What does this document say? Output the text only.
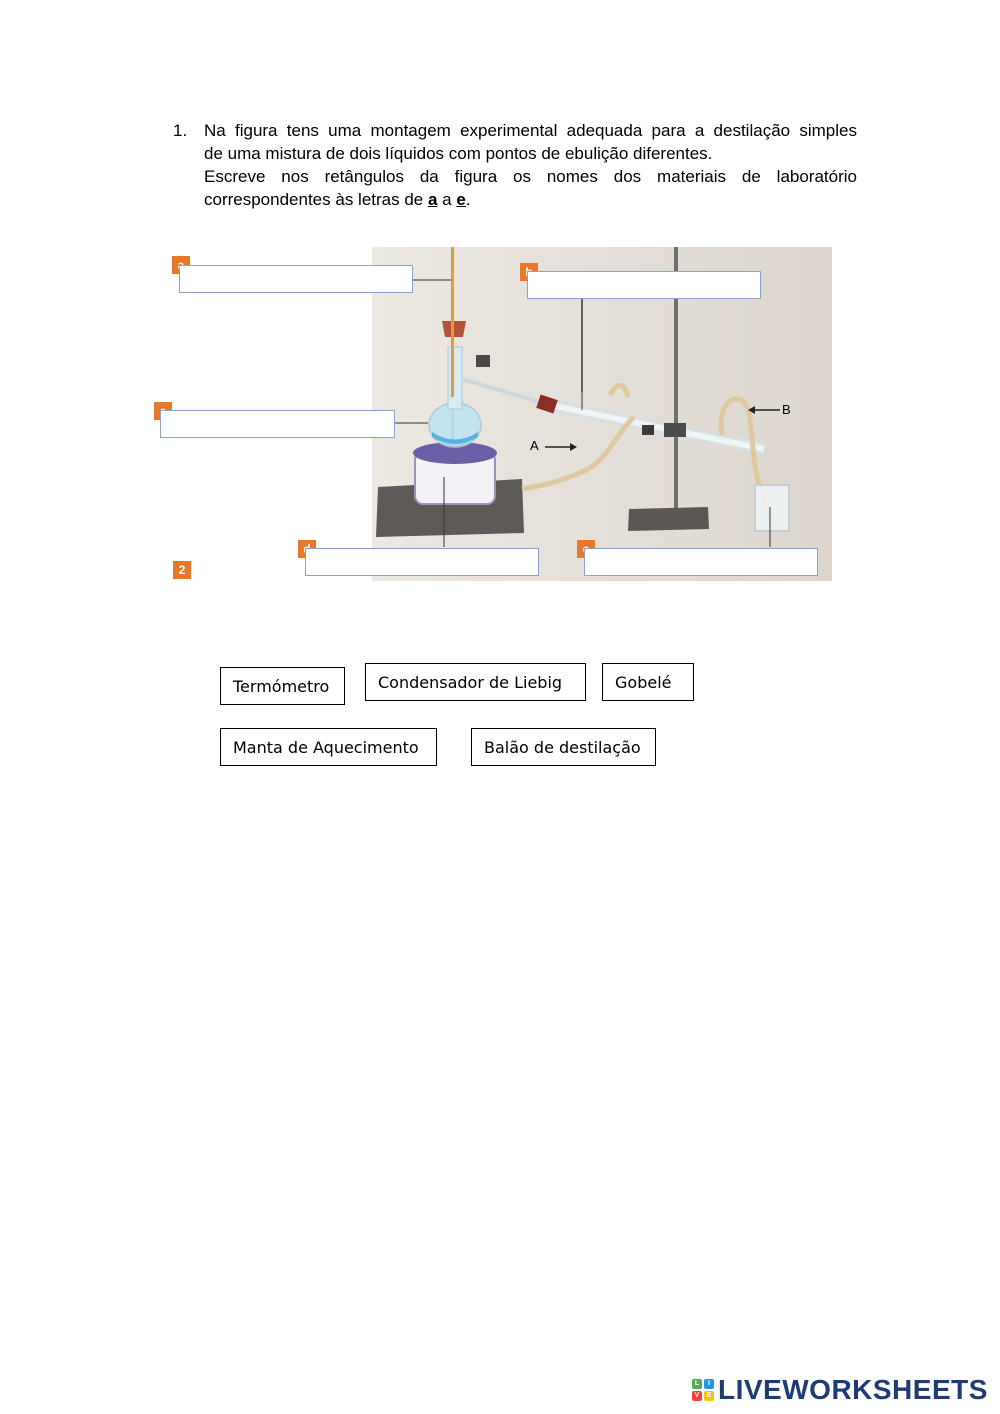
1. Na figura tens uma montagem experimental adequada para a destilação simples
de uma mistura de dois líquidos com pontos de ebulição diferentes.
Escreve nos retângulos da figura os nomes dos materiais de laboratório
correspondentes às letras de a a e.
A
B
2
Termómetro	Condensador de Liebig	Gobelé
Manta de Aquecimento	Balão de destilação
L	I
V	E LIVEWORKSHEETS
